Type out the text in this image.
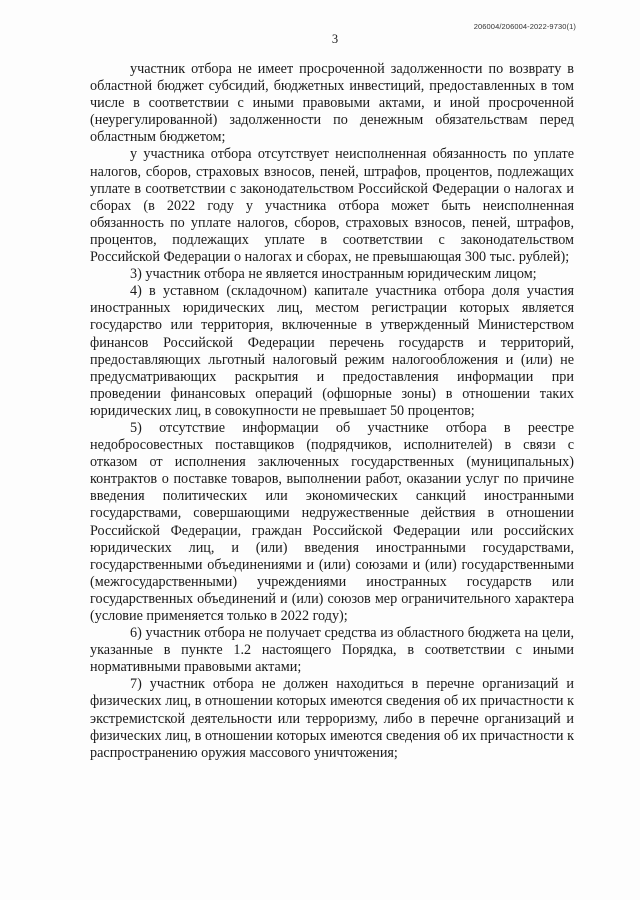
206004/206004-2022-9730(1)
3

участник отбора не имеет просроченной задолженности по возврату в областной бюджет субсидий, бюджетных инвестиций, предоставленных в том числе в соответствии с иными правовыми актами, и иной просроченной (неурегулированной) задолженности по денежным обязательствам перед областным бюджетом;

у участника отбора отсутствует неисполненная обязанность по уплате налогов, сборов, страховых взносов, пеней, штрафов, процентов, подлежащих уплате в соответствии с законодательством Российской Федерации о налогах и сборах (в 2022 году у участника отбора может быть неисполненная обязанность по уплате налогов, сборов, страховых взносов, пеней, штрафов, процентов, подлежащих уплате в соответствии с законодательством Российской Федерации о налогах и сборах, не превышающая 300 тыс. рублей);

3) участник отбора не является иностранным юридическим лицом;

4) в уставном (складочном) капитале участника отбора доля участия иностранных юридических лиц, местом регистрации которых является государство или территория, включенные в утвержденный Министерством финансов Российской Федерации перечень государств и территорий, предоставляющих льготный налоговый режим налогообложения и (или) не предусматривающих раскрытия и предоставления информации при проведении финансовых операций (офшорные зоны) в отношении таких юридических лиц, в совокупности не превышает 50 процентов;

5) отсутствие информации об участнике отбора в реестре недобросовестных поставщиков (подрядчиков, исполнителей) в связи с отказом от исполнения заключенных государственных (муниципальных) контрактов о поставке товаров, выполнении работ, оказании услуг по причине введения политических или экономических санкций иностранными государствами, совершающими недружественные действия в отношении Российской Федерации, граждан Российской Федерации или российских юридических лиц, и (или) введения иностранными государствами, государственными объединениями и (или) союзами и (или) государственными (межгосударственными) учреждениями иностранных государств или государственных объединений и (или) союзов мер ограничительного характера (условие применяется только в 2022 году);

6) участник отбора не получает средства из областного бюджета на цели, указанные в пункте 1.2 настоящего Порядка, в соответствии с иными нормативными правовыми актами;

7) участник отбора не должен находиться в перечне организаций и физических лиц, в отношении которых имеются сведения об их причастности к экстремистской деятельности или терроризму, либо в перечне организаций и физических лиц, в отношении которых имеются сведения об их причастности к распространению оружия массового уничтожения;
